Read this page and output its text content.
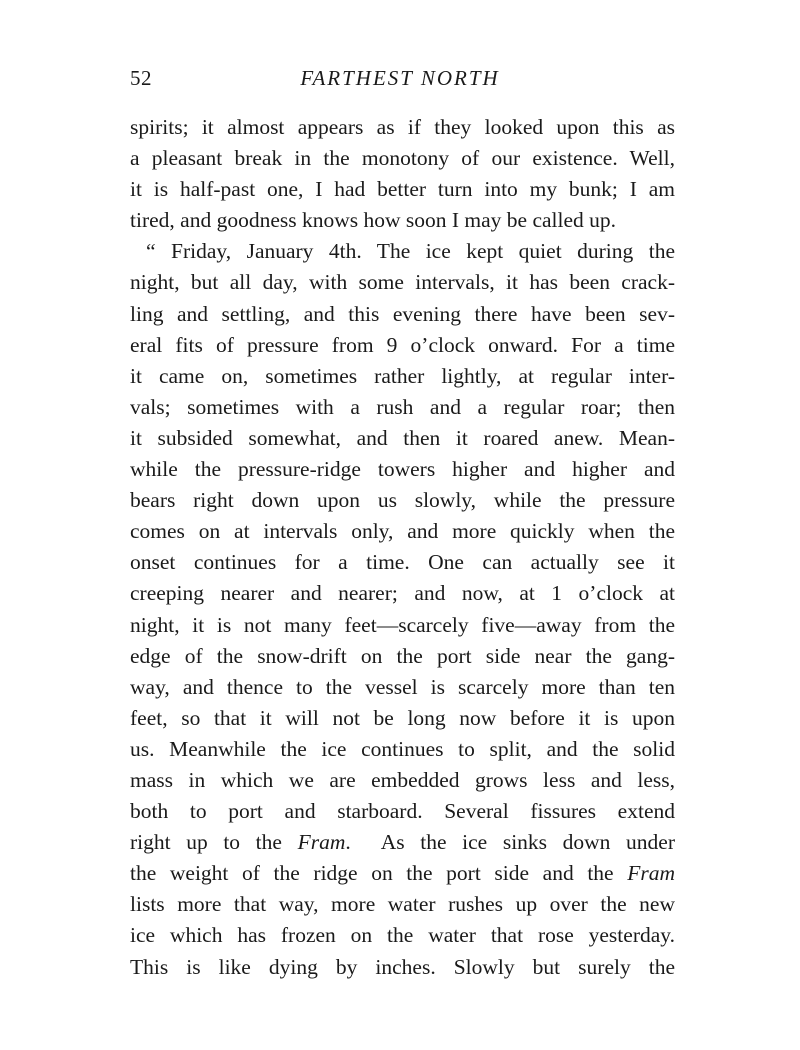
52	FARTHEST NORTH
spirits; it almost appears as if they looked upon this as
a pleasant break in the monotony of our existence. Well,
it is half-past one, I had better turn into my bunk; I am
tired, and goodness knows how soon I may be called up.
“ Friday, January 4th. The ice kept quiet during the
night, but all day, with some intervals, it has been crack-
ling and settling, and this evening there have been sev-
eral fits of pressure from 9 o’clock onward. For a time
it came on, sometimes rather lightly, at regular inter-
vals; sometimes with a rush and a regular roar; then
it subsided somewhat, and then it roared anew. Mean-
while the pressure-ridge towers higher and higher and
bears right down upon us slowly, while the pressure
comes on at intervals only, and more quickly when the
onset continues for a time. One can actually see it
creeping nearer and nearer; and now, at 1 o’clock at
night, it is not many feet—scarcely five—away from the
edge of the snow-drift on the port side near the gang-
way, and thence to the vessel is scarcely more than ten
feet, so that it will not be long now before it is upon
us. Meanwhile the ice continues to split, and the solid
mass in which we are embedded grows less and less,
both to port and starboard. Several fissures extend
right up to the Fram.  As the ice sinks down under
the weight of the ridge on the port side and the Fram
lists more that way, more water rushes up over the new
ice which has frozen on the water that rose yesterday.
This is like dying by inches. Slowly but surely the
